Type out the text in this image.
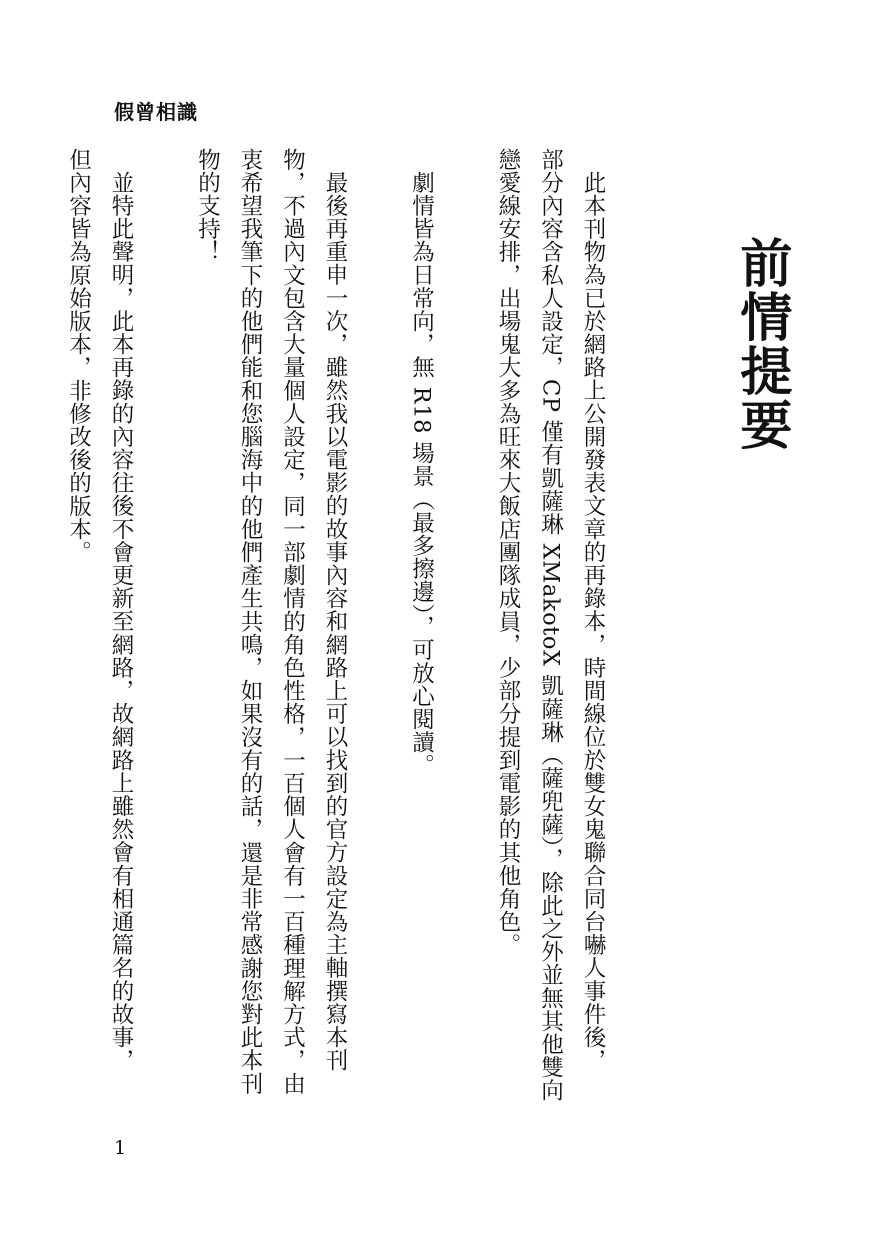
假曾相識
前情提要

此本刊物為已於網路上公開發表文章的再錄本，時間線位於雙女鬼聯合同台嚇人事件後，

部分內容含私人設定，CP 僅有凱薩琳 XMakotoX 凱薩琳（薩兜薩），除此之外並無其他雙向

戀愛線安排，出場鬼大多為旺來大飯店團隊成員，少部分提到電影的其他角色。

劇情皆為日常向，無 R18 場景（最多擦邊），可放心閱讀。

最後再重申一次，雖然我以電影的故事內容和網路上可以找到的官方設定為主軸撰寫本刊

物，不過內文包含大量個人設定，同一部劇情的角色性格，一百個人會有一百種理解方式，由

衷希望我筆下的他們能和您腦海中的他們產生共鳴，如果沒有的話，還是非常感謝您對此本刊

物的支持！

並特此聲明，此本再錄的內容往後不會更新至網路，故網路上雖然會有相通篇名的故事，

但內容皆為原始版本，非修改後的版本。

1
